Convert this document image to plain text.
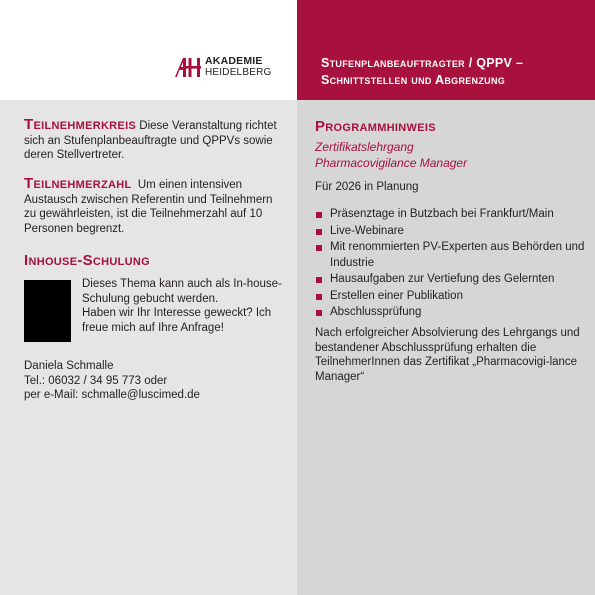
AKADEMIE
HEIDELBERG
Stufenplanbeauftragter / QPPV –
Schnittstellen und Abgrenzung
Teilnehmerkreis Diese Veranstaltung richtet sich an Stufenplanbeauftragte und QPPVs sowie deren Stellvertreter.
Teilnehmerzahl Um einen intensiven Austausch zwischen Referentin und Teilnehmern zu gewährleisten, ist die Teilnehmerzahl auf 10 Personen begrenzt.
Inhouse-Schulung
Dieses Thema kann auch als In-house-Schulung gebucht werden.
Haben wir Ihr Interesse geweckt? Ich freue mich auf Ihre Anfrage!
Daniela Schmalle
Tel.: 06032 / 34 95 773 oder
per e-Mail: schmalle@luscimed.de
Programmhinweis
Zertifikatslehrgang
Pharmacovigilance Manager
Für 2026 in Planung
Präsenztage in Butzbach bei Frankfurt/Main
Live-Webinare
Mit renommierten PV-Experten aus Behörden und Industrie
Hausaufgaben zur Vertiefung des Gelernten
Erstellen einer Publikation
Abschlussprüfung
Nach erfolgreicher Absolvierung des Lehrgangs und bestandener Abschlussprüfung erhalten die TeilnehmerInnen das Zertifikat „Pharmacovigi-lance Manager“
